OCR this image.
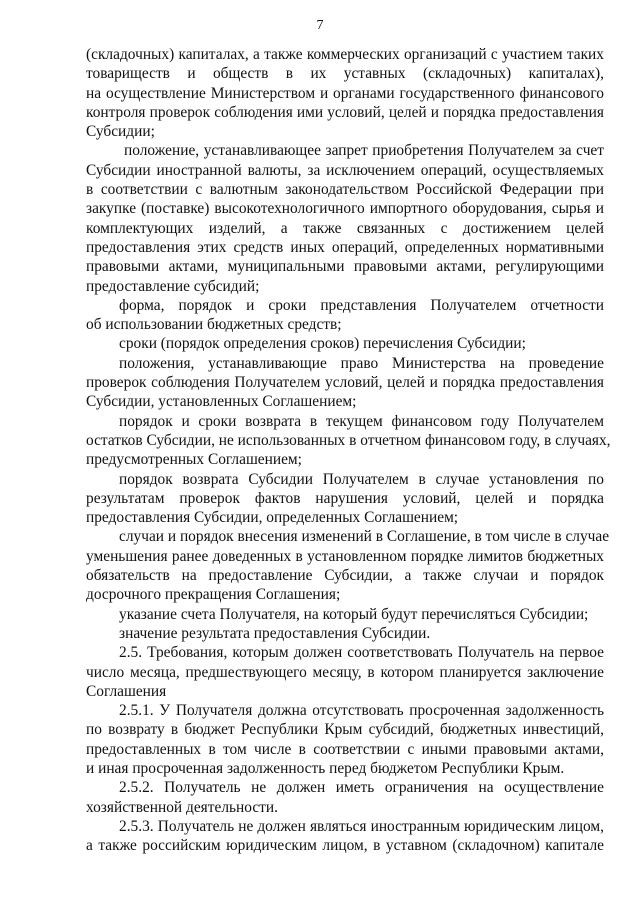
7
(складочных) капиталах, а также коммерческих организаций с участием таких
товариществ и обществ в их уставных (складочных) капиталах),
на осуществление Министерством и органами государственного финансового
контроля проверок соблюдения ими условий, целей и порядка предоставления
Субсидии;
положение, устанавливающее запрет приобретения Получателем за счет
Субсидии иностранной валюты, за исключением операций, осуществляемых
в соответствии с валютным законодательством Российской Федерации при
закупке (поставке) высокотехнологичного импортного оборудования, сырья и
комплектующих изделий, а также связанных с достижением целей
предоставления этих средств иных операций, определенных нормативными
правовыми актами, муниципальными правовыми актами, регулирующими
предоставление субсидий;
форма, порядок и сроки представления Получателем отчетности
об использовании бюджетных средств;
сроки (порядок определения сроков) перечисления Субсидии;
положения, устанавливающие право Министерства на проведение
проверок соблюдения Получателем условий, целей и порядка предоставления
Субсидии, установленных Соглашением;
порядок и сроки возврата в текущем финансовом году Получателем
остатков Субсидии, не использованных в отчетном финансовом году, в случаях,
предусмотренных Соглашением;
порядок возврата Субсидии Получателем в случае установления по
результатам проверок фактов нарушения условий, целей и порядка
предоставления Субсидии, определенных Соглашением;
случаи и порядок внесения изменений в Соглашение, в том числе в случае
уменьшения ранее доведенных в установленном порядке лимитов бюджетных
обязательств на предоставление Субсидии, а также случаи и порядок
досрочного прекращения Соглашения;
указание счета Получателя, на который будут перечисляться Субсидии;
значение результата предоставления Субсидии.
2.5. Требования, которым должен соответствовать Получатель на первое
число месяца, предшествующего месяцу, в котором планируется заключение
Соглашения
2.5.1. У Получателя должна отсутствовать просроченная задолженность
по возврату в бюджет Республики Крым субсидий, бюджетных инвестиций,
предоставленных в том числе в соответствии с иными правовыми актами,
и иная просроченная задолженность перед бюджетом Республики Крым.
2.5.2. Получатель не должен иметь ограничения на осуществление
хозяйственной деятельности.
2.5.3. Получатель не должен являться иностранным юридическим лицом,
а также российским юридическим лицом, в уставном (складочном) капитале
